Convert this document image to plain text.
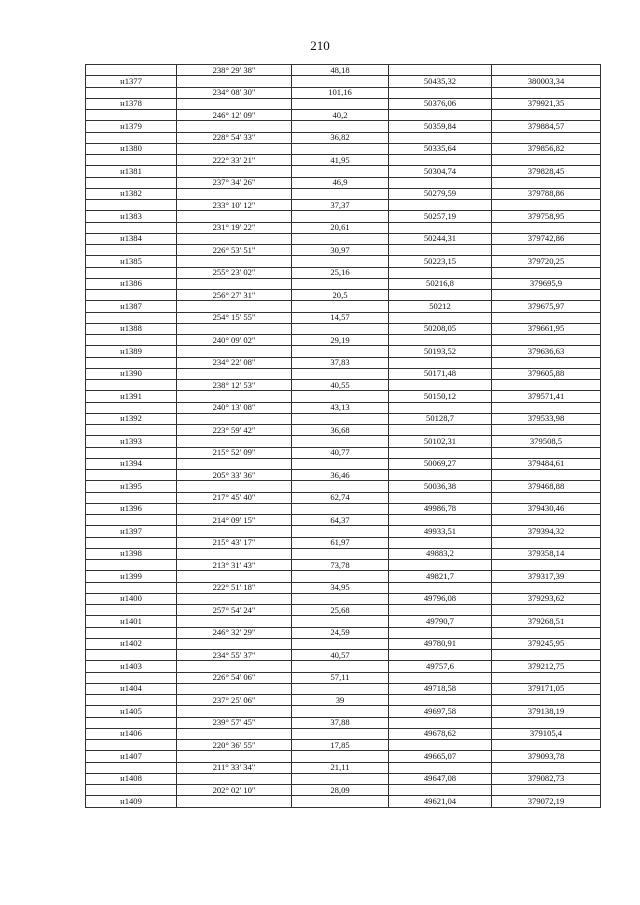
210
	238° 29' 38"	48,18		
н1377			50435,32	380003,34
	234° 08' 30"	101,16		
н1378			50376,06	379921,35
	246° 12' 09"	40,2		
н1379			50359,84	379884,57
	228° 54' 33"	36,82		
н1380			50335,64	379856,82
	222° 33' 21"	41,95		
н1381			50304,74	379828,45
	237° 34' 26"	46,9		
н1382			50279,59	379788,86
	233° 10' 12"	37,37		
н1383			50257,19	379758,95
	231° 19' 22"	20,61		
н1384			50244,31	379742,86
	226° 53' 51"	30,97		
н1385			50223,15	379720,25
	255° 23' 02"	25,16		
н1386			50216,8	379695,9
	256° 27' 31"	20,5		
н1387			50212	379675,97
	254° 15' 55"	14,57		
н1388			50208,05	379661,95
	240° 09' 02"	29,19		
н1389			50193,52	379636,63
	234° 22' 08"	37,83		
н1390			50171,48	379605,88
	238° 12' 53"	40,55		
н1391			50150,12	379571,41
	240° 13' 08"	43,13		
н1392			50128,7	379533,98
	223° 59' 42"	36,68		
н1393			50102,31	379508,5
	215° 52' 09"	40,77		
н1394			50069,27	379484,61
	205° 33' 36"	36,46		
н1395			50036,38	379468,88
	217° 45' 40"	62,74		
н1396			49986,78	379430,46
	214° 09' 15"	64,37		
н1397			49933,51	379394,32
	215° 43' 17"	61,97		
н1398			49883,2	379358,14
	213° 31' 43"	73,78		
н1399			49821,7	379317,39
	222° 51' 18"	34,95		
н1400			49796,08	379293,62
	257° 54' 24"	25,68		
н1401			49790,7	379268,51
	246° 32' 29"	24,59		
н1402			49780,91	379245,95
	234° 55' 37"	40,57		
н1403			49757,6	379212,75
	226° 54' 06"	57,11		
н1404			49718,58	379171,05
	237° 25' 06"	39		
н1405			49697,58	379138,19
	239° 57' 45"	37,88		
н1406			49678,62	379105,4
	220° 36' 55"	17,85		
н1407			49665,07	379093,78
	211° 33' 34"	21,11		
н1408			49647,08	379082,73
	202° 02' 10"	28,09		
н1409			49621,04	379072,19
